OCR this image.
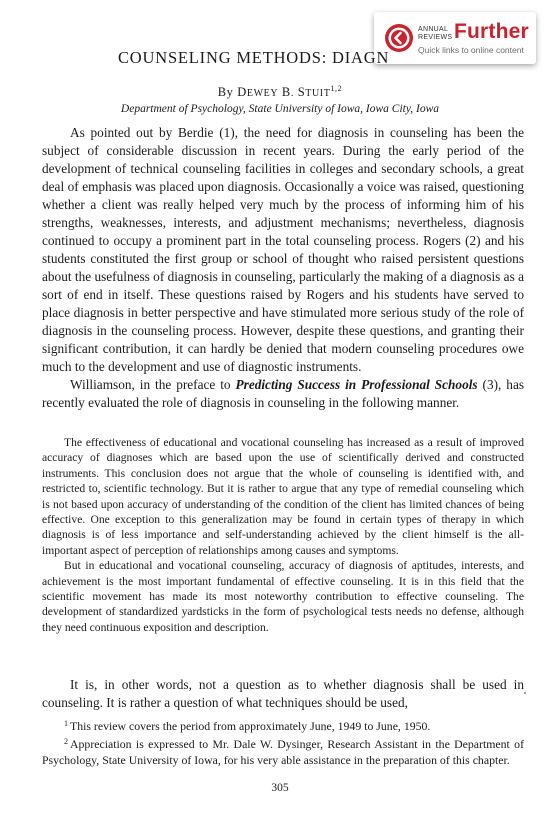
ANNUAL REVIEWS Further
Quick links to online content
COUNSELING METHODS: DIAGN

By DEWEY B. STUIT$^{1,2}$

Department of Psychology, State University of Iowa, Iowa City, Iowa

As pointed out by Berdie (1), the need for diagnosis in counseling has been the subject of considerable discussion in recent years. During the early period of the development of technical counseling facilities in colleges and secondary schools, a great deal of emphasis was placed upon diagnosis. Occasionally a voice was raised, questioning whether a client was really helped very much by the process of informing him of his strengths, weaknesses, interests, and adjustment mechanisms; nevertheless, diagnosis continued to occupy a prominent part in the total counseling process. Rogers (2) and his students constituted the first group or school of thought who raised persistent questions about the usefulness of diagnosis in counseling, particularly the making of a diagnosis as a sort of end in itself. These questions raised by Rogers and his students have served to place diagnosis in better perspective and have stimulated more serious study of the role of diagnosis in the counseling process. However, despite these questions, and granting their significant contribution, it can hardly be denied that modern counseling procedures owe much to the development and use of diagnostic instruments.

Williamson, in the preface to Predicting Success in Professional Schools (3), has recently evaluated the role of diagnosis in counseling in the following manner.

The effectiveness of educational and vocational counseling has increased as a result of improved accuracy of diagnoses which are based upon the use of scientifically derived and constructed instruments. This conclusion does not argue that the whole of counseling is identified with, and restricted to, scientific technology. But it is rather to argue that any type of remedial counseling which is not based upon accuracy of understanding of the condition of the client has limited chances of being effective. One exception to this generalization may be found in certain types of therapy in which diagnosis is of less importance and self-understanding achieved by the client himself is the all-important aspect of perception of relationships among causes and symptoms.

But in educational and vocational counseling, accuracy of diagnosis of aptitudes, interests, and achievement is the most important fundamental of effective counseling. It is in this field that the scientific movement has made its most noteworthy contribution to effective counseling. The development of standardized yardsticks in the form of psychological tests needs no defense, although they need continuous exposition and description.

It is, in other words, not a question as to whether diagnosis shall be used in counseling. It is rather a question of what techniques should be used,

$^1$ This review covers the period from approximately June, 1949 to June, 1950.

$^2$ Appreciation is expressed to Mr. Dale W. Dysinger, Research Assistant in the Department of Psychology, State University of Iowa, for his very able assistance in the preparation of this chapter.

305
